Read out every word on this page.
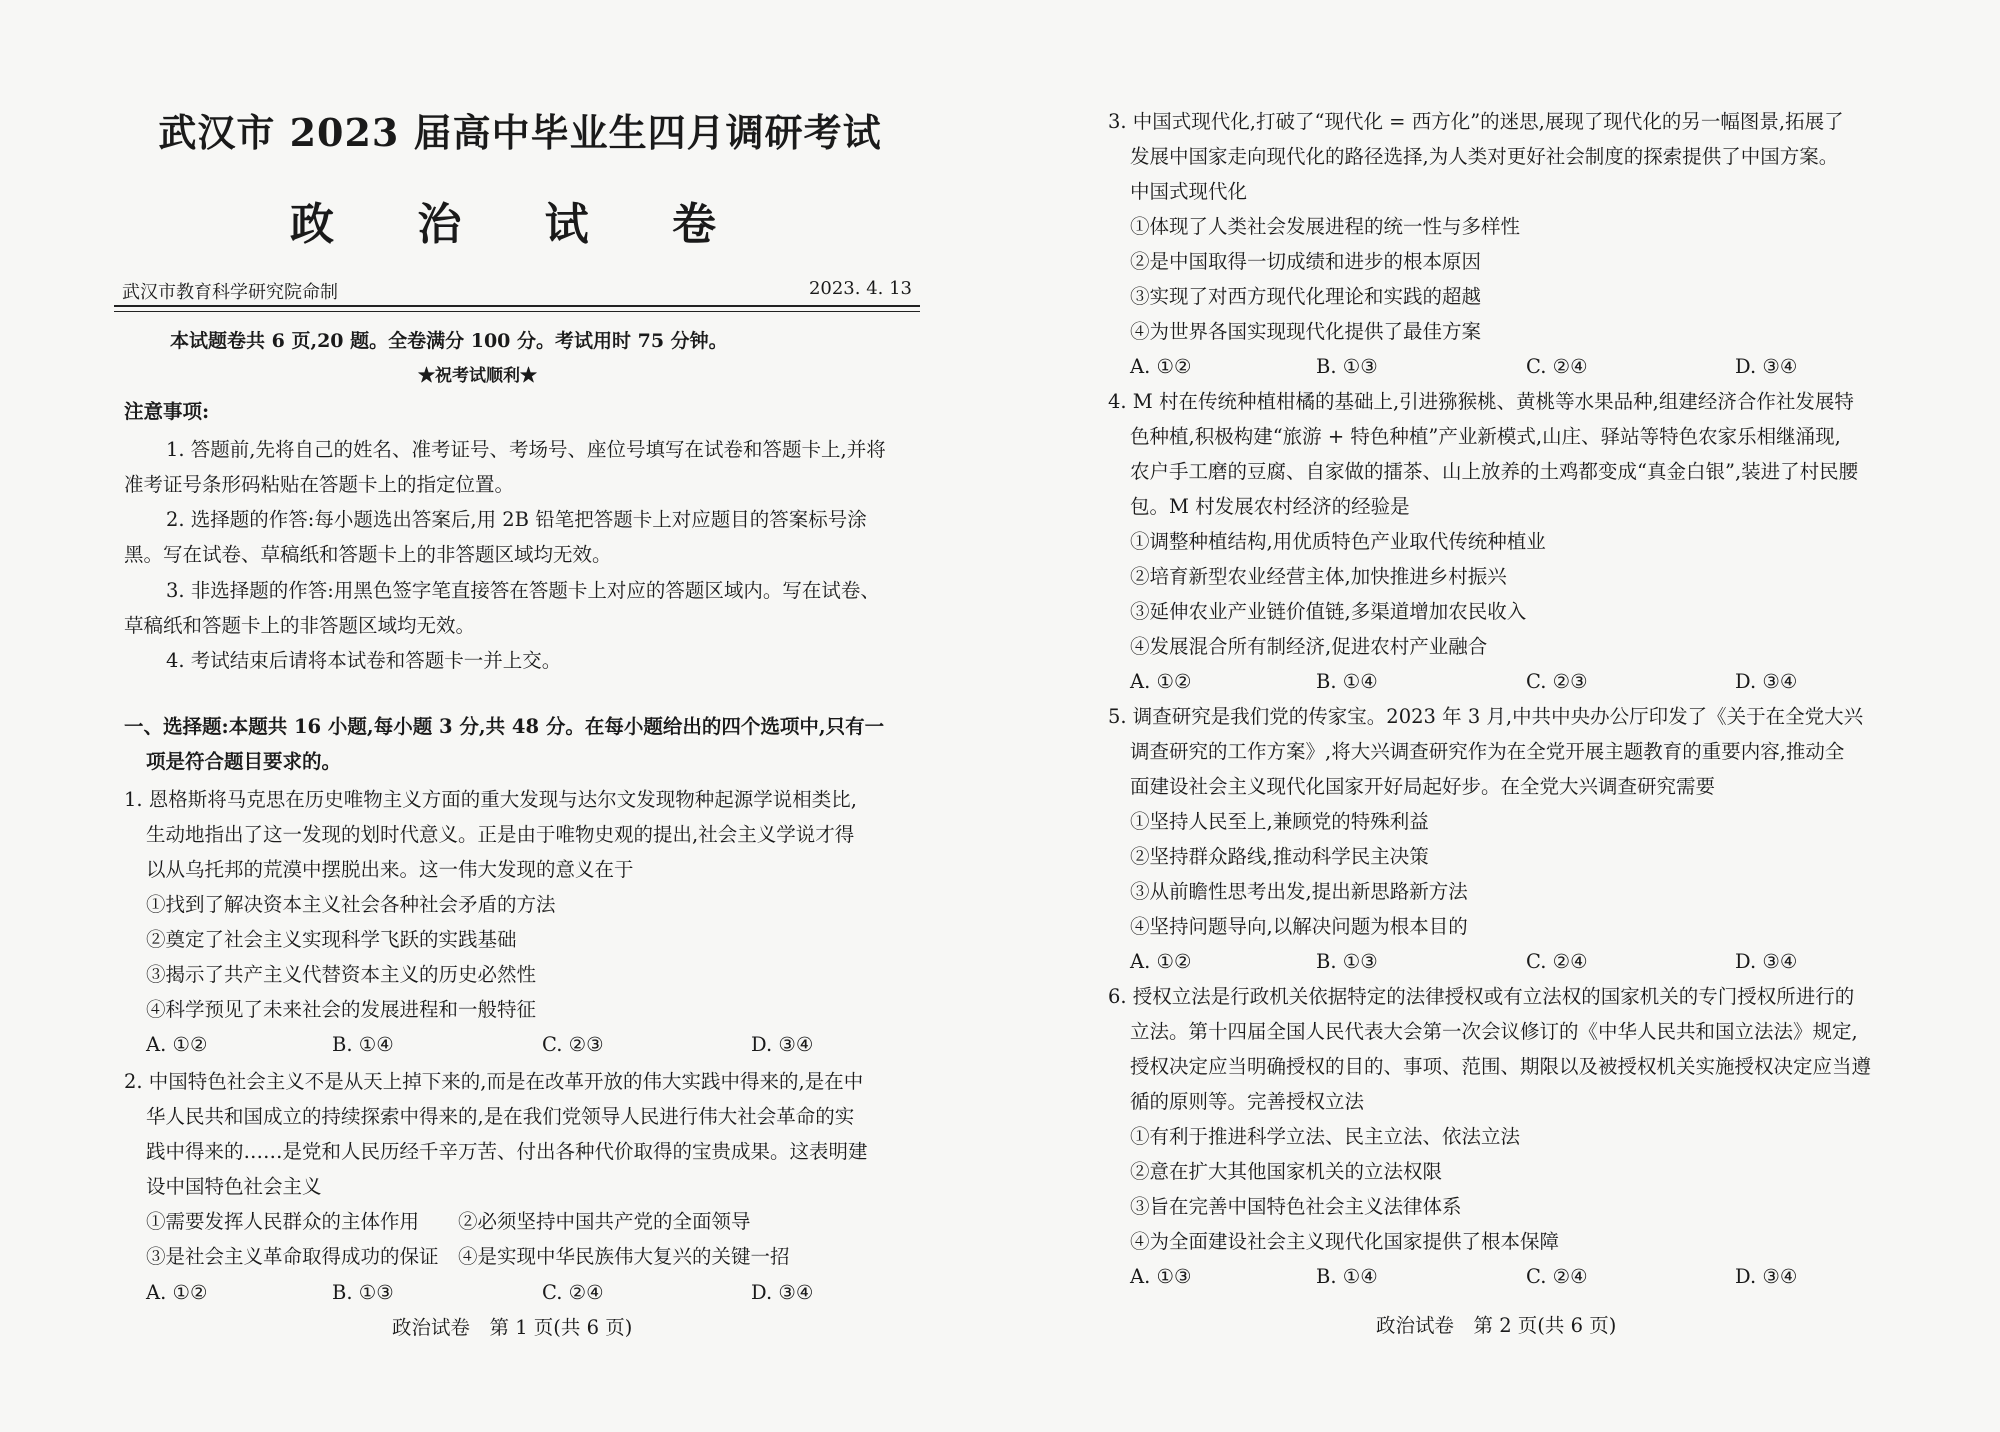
武汉市 2023 届高中毕业生四月调研考试
政 治 试 卷
武汉市教育科学研究院命制	2023. 4. 13
本试题卷共 6 页,20 题。全卷满分 100 分。考试用时 75 分钟。
★祝考试顺利★
注意事项:
1. 答题前,先将自己的姓名、准考证号、考场号、座位号填写在试卷和答题卡上,并将
准考证号条形码粘贴在答题卡上的指定位置。
2. 选择题的作答:每小题选出答案后,用 2B 铅笔把答题卡上对应题目的答案标号涂
黑。写在试卷、草稿纸和答题卡上的非答题区域均无效。
3. 非选择题的作答:用黑色签字笔直接答在答题卡上对应的答题区域内。写在试卷、
草稿纸和答题卡上的非答题区域均无效。
4. 考试结束后请将本试卷和答题卡一并上交。
一、选择题:本题共 16 小题,每小题 3 分,共 48 分。在每小题给出的四个选项中,只有一
项是符合题目要求的。
1. 恩格斯将马克思在历史唯物主义方面的重大发现与达尔文发现物种起源学说相类比,
生动地指出了这一发现的划时代意义。正是由于唯物史观的提出,社会主义学说才得
以从乌托邦的荒漠中摆脱出来。这一伟大发现的意义在于
①找到了解决资本主义社会各种社会矛盾的方法
②奠定了社会主义实现科学飞跃的实践基础
③揭示了共产主义代替资本主义的历史必然性
④科学预见了未来社会的发展进程和一般特征
A. ①②	B. ①④	C. ②③	D. ③④
2. 中国特色社会主义不是从天上掉下来的,而是在改革开放的伟大实践中得来的,是在中
华人民共和国成立的持续探索中得来的,是在我们党领导人民进行伟大社会革命的实
践中得来的……是党和人民历经千辛万苦、付出各种代价取得的宝贵成果。这表明建
设中国特色社会主义
①需要发挥人民群众的主体作用　　②必须坚持中国共产党的全面领导
③是社会主义革命取得成功的保证　④是实现中华民族伟大复兴的关键一招
A. ①②	B. ①③	C. ②④	D. ③④
政治试卷　第 1 页(共 6 页)
3. 中国式现代化,打破了“现代化 = 西方化”的迷思,展现了现代化的另一幅图景,拓展了
发展中国家走向现代化的路径选择,为人类对更好社会制度的探索提供了中国方案。
中国式现代化
①体现了人类社会发展进程的统一性与多样性
②是中国取得一切成绩和进步的根本原因
③实现了对西方现代化理论和实践的超越
④为世界各国实现现代化提供了最佳方案
A. ①②	B. ①③	C. ②④	D. ③④
4. M 村在传统种植柑橘的基础上,引进猕猴桃、黄桃等水果品种,组建经济合作社发展特
色种植,积极构建“旅游 + 特色种植”产业新模式,山庄、驿站等特色农家乐相继涌现,
农户手工磨的豆腐、自家做的擂茶、山上放养的土鸡都变成“真金白银”,装进了村民腰
包。M 村发展农村经济的经验是
①调整种植结构,用优质特色产业取代传统种植业
②培育新型农业经营主体,加快推进乡村振兴
③延伸农业产业链价值链,多渠道增加农民收入
④发展混合所有制经济,促进农村产业融合
A. ①②	B. ①④	C. ②③	D. ③④
5. 调查研究是我们党的传家宝。2023 年 3 月,中共中央办公厅印发了《关于在全党大兴
调查研究的工作方案》,将大兴调查研究作为在全党开展主题教育的重要内容,推动全
面建设社会主义现代化国家开好局起好步。在全党大兴调查研究需要
①坚持人民至上,兼顾党的特殊利益
②坚持群众路线,推动科学民主决策
③从前瞻性思考出发,提出新思路新方法
④坚持问题导向,以解决问题为根本目的
A. ①②	B. ①③	C. ②④	D. ③④
6. 授权立法是行政机关依据特定的法律授权或有立法权的国家机关的专门授权所进行的
立法。第十四届全国人民代表大会第一次会议修订的《中华人民共和国立法法》规定,
授权决定应当明确授权的目的、事项、范围、期限以及被授权机关实施授权决定应当遵
循的原则等。完善授权立法
①有利于推进科学立法、民主立法、依法立法
②意在扩大其他国家机关的立法权限
③旨在完善中国特色社会主义法律体系
④为全面建设社会主义现代化国家提供了根本保障
A. ①③	B. ①④	C. ②④	D. ③④
政治试卷　第 2 页(共 6 页)
